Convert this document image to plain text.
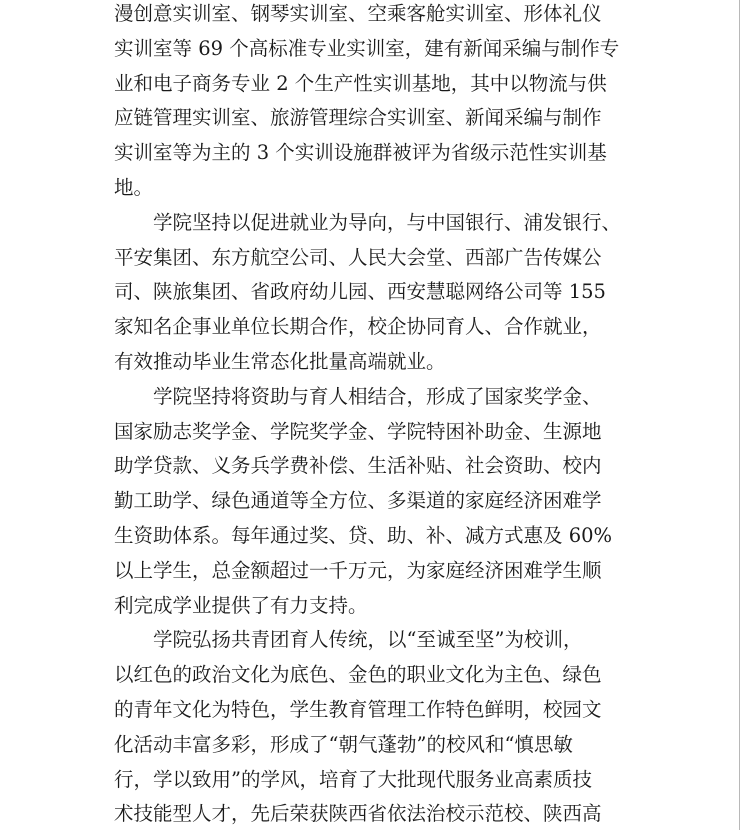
漫创意实训室、钢琴实训室、空乘客舱实训室、形体礼仪
实训室等 69 个高标准专业实训室，建有新闻采编与制作专
业和电子商务专业 2 个生产性实训基地，其中以物流与供
应链管理实训室、旅游管理综合实训室、新闻采编与制作
实训室等为主的 3 个实训设施群被评为省级示范性实训基
地。

　　学院坚持以促进就业为导向，与中国银行、浦发银行、
平安集团、东方航空公司、人民大会堂、西部广告传媒公
司、陕旅集团、省政府幼儿园、西安慧聪网络公司等 155
家知名企事业单位长期合作，校企协同育人、合作就业，
有效推动毕业生常态化批量高端就业。

　　学院坚持将资助与育人相结合，形成了国家奖学金、
国家励志奖学金、学院奖学金、学院特困补助金、生源地
助学贷款、义务兵学费补偿、生活补贴、社会资助、校内
勤工助学、绿色通道等全方位、多渠道的家庭经济困难学
生资助体系。每年通过奖、贷、助、补、减方式惠及 60%
以上学生，总金额超过一千万元，为家庭经济困难学生顺
利完成学业提供了有力支持。

　　学院弘扬共青团育人传统，以“至诚至坚”为校训，
以红色的政治文化为底色、金色的职业文化为主色、绿色
的青年文化为特色，学生教育管理工作特色鲜明，校园文
化活动丰富多彩，形成了“朝气蓬勃”的校风和“慎思敏
行，学以致用”的学风，培育了大批现代服务业高素质技
术技能型人才，先后荣获陕西省依法治校示范校、陕西高
